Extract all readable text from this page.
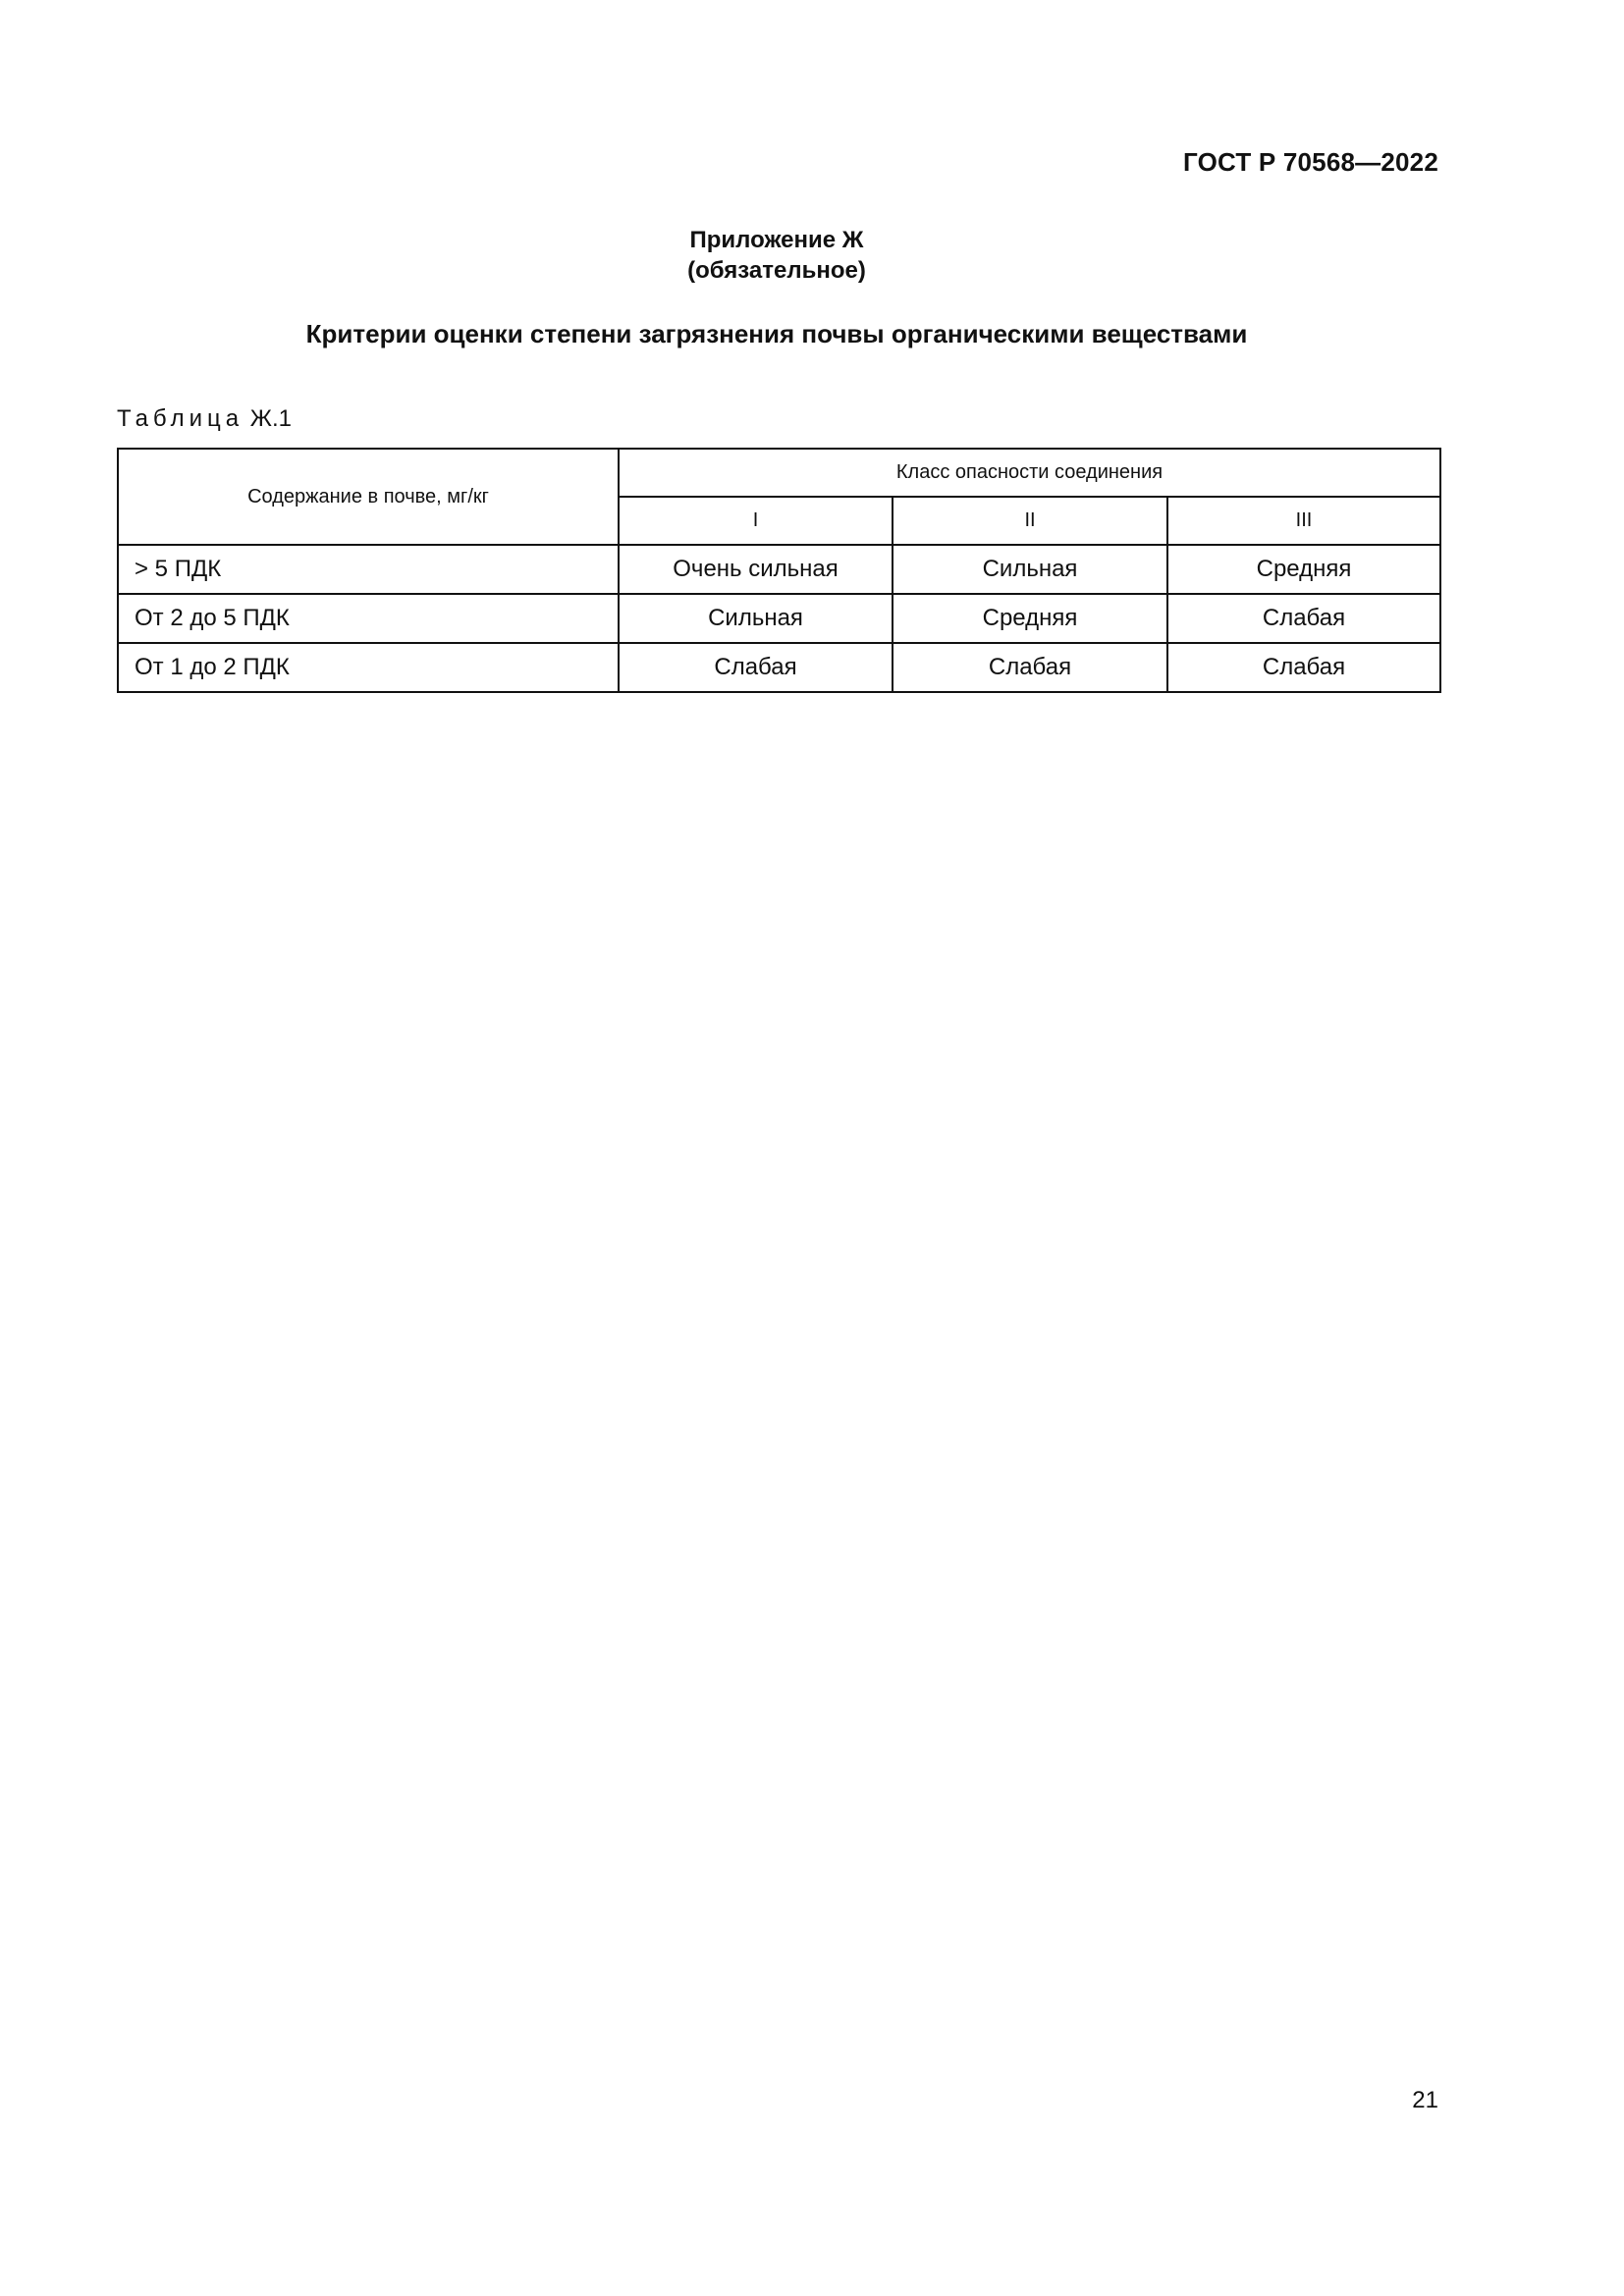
ГОСТ Р 70568—2022
Приложение Ж
(обязательное)
Критерии оценки степени загрязнения почвы органическими веществами
Таблица Ж.1
Содержание в почве, мг/кг	Класс опасности соединения		
	I	II	III
> 5 ПДК	Очень сильная	Сильная	Средняя
От 2 до 5 ПДК	Сильная	Средняя	Слабая
От 1 до 2 ПДК	Слабая	Слабая	Слабая
21
